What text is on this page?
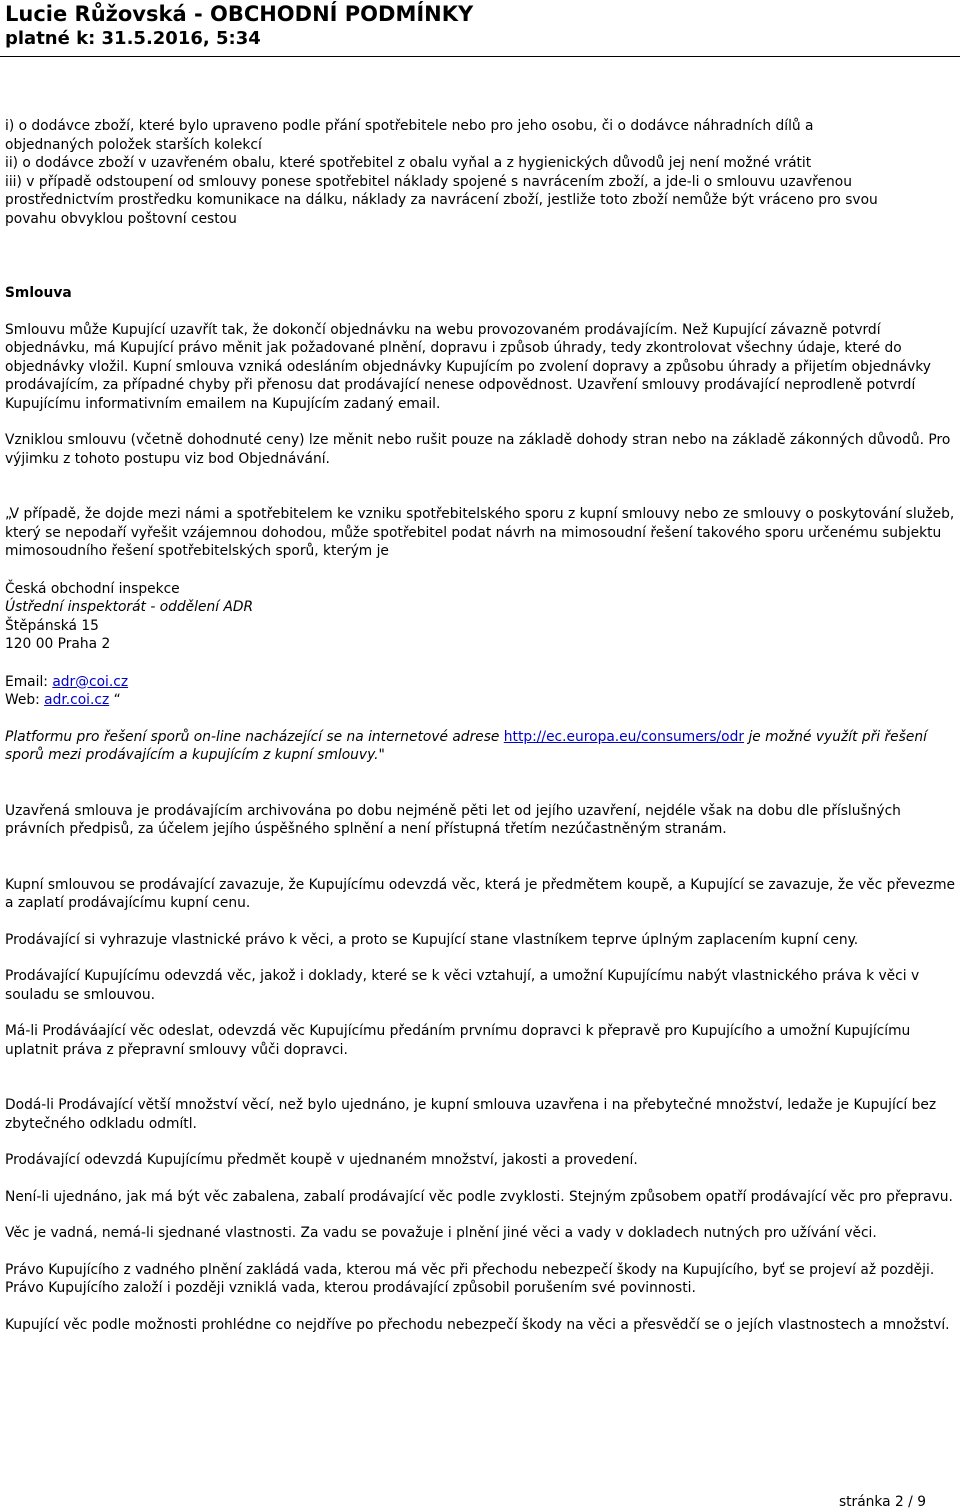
Lucie Růžovská - OBCHODNÍ PODMÍNKY
platné k: 31.5.2016, 5:34

i) o dodávce zboží, které bylo upraveno podle přání spotřebitele nebo pro jeho osobu, či o dodávce náhradních dílů a

objednaných položek starších kolekcí

ii) o dodávce zboží v uzavřeném obalu, které spotřebitel z obalu vyňal a z hygienických důvodů jej není možné vrátit

iii) v případě odstoupení od smlouvy ponese spotřebitel náklady spojené s navrácením zboží, a jde-li o smlouvu uzavřenou

prostřednictvím prostředku komunikace na dálku, náklady za navrácení zboží, jestliže toto zboží nemůže být vráceno pro svou

povahu obvyklou poštovní cestou

Smlouva

Smlouvu může Kupující uzavřít tak, že dokončí objednávku na webu provozovaném prodávajícím. Než Kupující závazně potvrdí objednávku, má Kupující právo měnit jak požadované plnění, dopravu i způsob úhrady, tedy zkontrolovat všechny údaje, které do objednávky vložil. Kupní smlouva vzniká odesláním objednávky Kupujícím po zvolení dopravy a způsobu úhrady a přijetím objednávky prodávajícím, za případné chyby při přenosu dat prodávající nenese odpovědnost. Uzavření smlouvy prodávající neprodleně potvrdí Kupujícímu informativním emailem na Kupujícím zadaný email.

Vzniklou smlouvu (včetně dohodnuté ceny) lze měnit nebo rušit pouze na základě dohody stran nebo na základě zákonných důvodů. Pro výjimku z tohoto postupu viz bod Objednávání.

„V případě, že dojde mezi námi a spotřebitelem ke vzniku spotřebitelského sporu z kupní smlouvy nebo ze smlouvy o poskytování služeb, který se nepodaří vyřešit vzájemnou dohodou, může spotřebitel podat návrh na mimosoudní řešení takového sporu určenému subjektu mimosoudního řešení spotřebitelských sporů, kterým je

Česká obchodní inspekce

Ústřední inspektorát - oddělení ADR

Štěpánská 15

120 00 Praha 2

Email: adr@coi.cz

Web: adr.coi.cz “

Platformu pro řešení sporů on-line nacházející se na internetové adrese http://ec.europa.eu/consumers/odr je možné využít při řešení sporů mezi prodávajícím a kupujícím z kupní smlouvy."

Uzavřená smlouva je prodávajícím archivována po dobu nejméně pěti let od jejího uzavření, nejdéle však na dobu dle příslušných právních předpisů, za účelem jejího úspěšného splnění a není přístupná třetím nezúčastněným stranám.

Kupní smlouvou se prodávající zavazuje, že Kupujícímu odevzdá věc, která je předmětem koupě, a Kupující se zavazuje, že věc převezme a zaplatí prodávajícímu kupní cenu.

Prodávající si vyhrazuje vlastnické právo k věci, a proto se Kupující stane vlastníkem teprve úplným zaplacením kupní ceny.

Prodávající Kupujícímu odevzdá věc, jakož i doklady, které se k věci vztahují, a umožní Kupujícímu nabýt vlastnického práva k věci v souladu se smlouvou.

Má-li Prodáváající věc odeslat, odevzdá věc Kupujícímu předáním prvnímu dopravci k přepravě pro Kupujícího a umožní Kupujícímu uplatnit práva z přepravní smlouvy vůči dopravci.

Dodá-li Prodávající větší množství věcí, než bylo ujednáno, je kupní smlouva uzavřena i na přebytečné množství, ledaže je Kupující bez zbytečného odkladu odmítl.

Prodávající odevzdá Kupujícímu předmět koupě v ujednaném množství, jakosti a provedení.

Není-li ujednáno, jak má být věc zabalena, zabalí prodávající věc podle zvyklosti. Stejným způsobem opatří prodávající věc pro přepravu.

Věc je vadná, nemá-li sjednané vlastnosti. Za vadu se považuje i plnění jiné věci a vady v dokladech nutných pro užívání věci.

Právo Kupujícího z vadného plnění zakládá vada, kterou má věc při přechodu nebezpečí škody na Kupujícího, byť se projeví až později. Právo Kupujícího založí i později vzniklá vada, kterou prodávající způsobil porušením své povinnosti.

Kupující věc podle možnosti prohlédne co nejdříve po přechodu nebezpečí škody na věci a přesvědčí se o jejích vlastnostech a množství.

stránka 2 / 9
